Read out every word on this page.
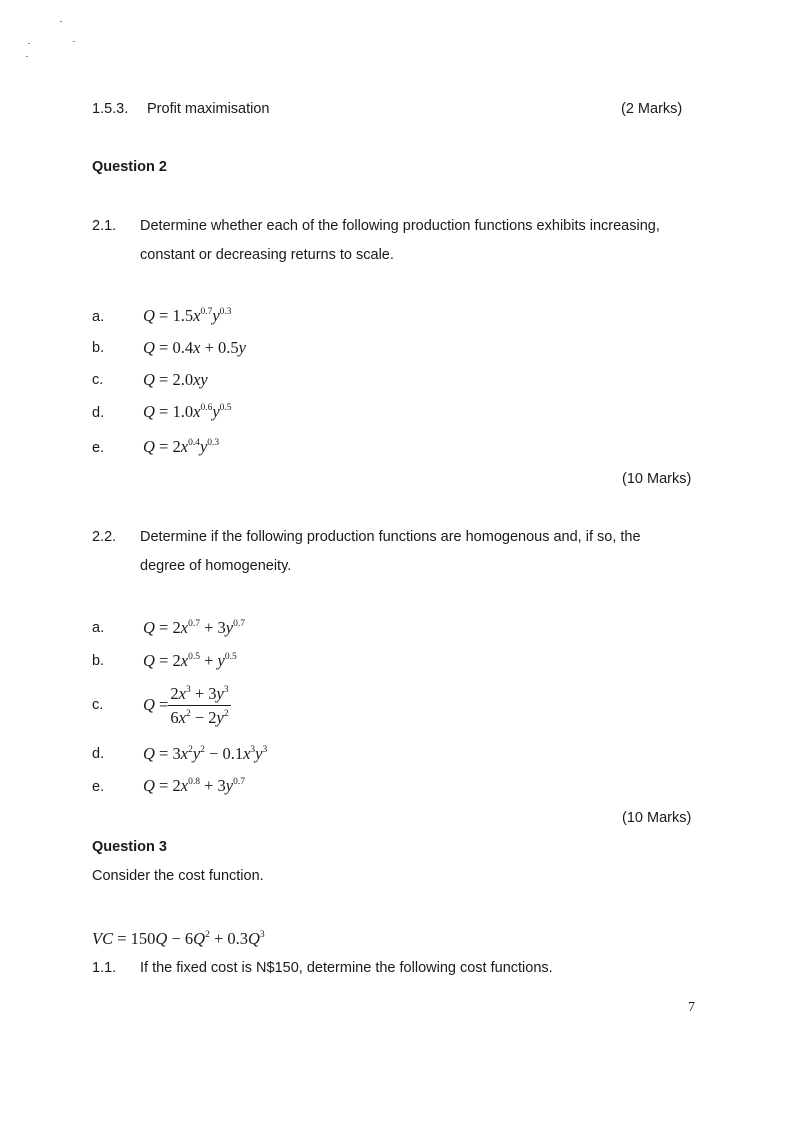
1.5.3. Profit maximisation	(2 Marks)
Question 2
2.1. Determine whether each of the following production functions exhibits increasing,
constant or decreasing returns to scale.
a. $Q = 1.5x^{0.7}y^{0.3}$
b. Q = 0.4x + 0.5y
c. Q = 2.0xy
d. $Q = 1.0x^{0.6}y^{0.5}$
e. $Q = 2x^{0.4}y^{0.3}$
(10 Marks)
2.2. Determine if the following production functions are homogenous and, if so, the
degree of homogeneity.
a. $Q = 2x^{0.7} + 3y^{0.7}$
b. $Q = 2x^{0.5} + y^{0.5}$
c. $Q = \frac{2x^3 + 3y^3}{6x^2 - 2y^2}$
d. $Q = 3x^2y^2 - 0.1x^3y^3$
e. $Q = 2x^{0.8} + 3y^{0.7}$
(10 Marks)
Question 3
Consider the cost function.
VC = $150Q - 6Q^2 + 0.3Q^3$
1.1. If the fixed cost is N$150, determine the following cost functions.
7
